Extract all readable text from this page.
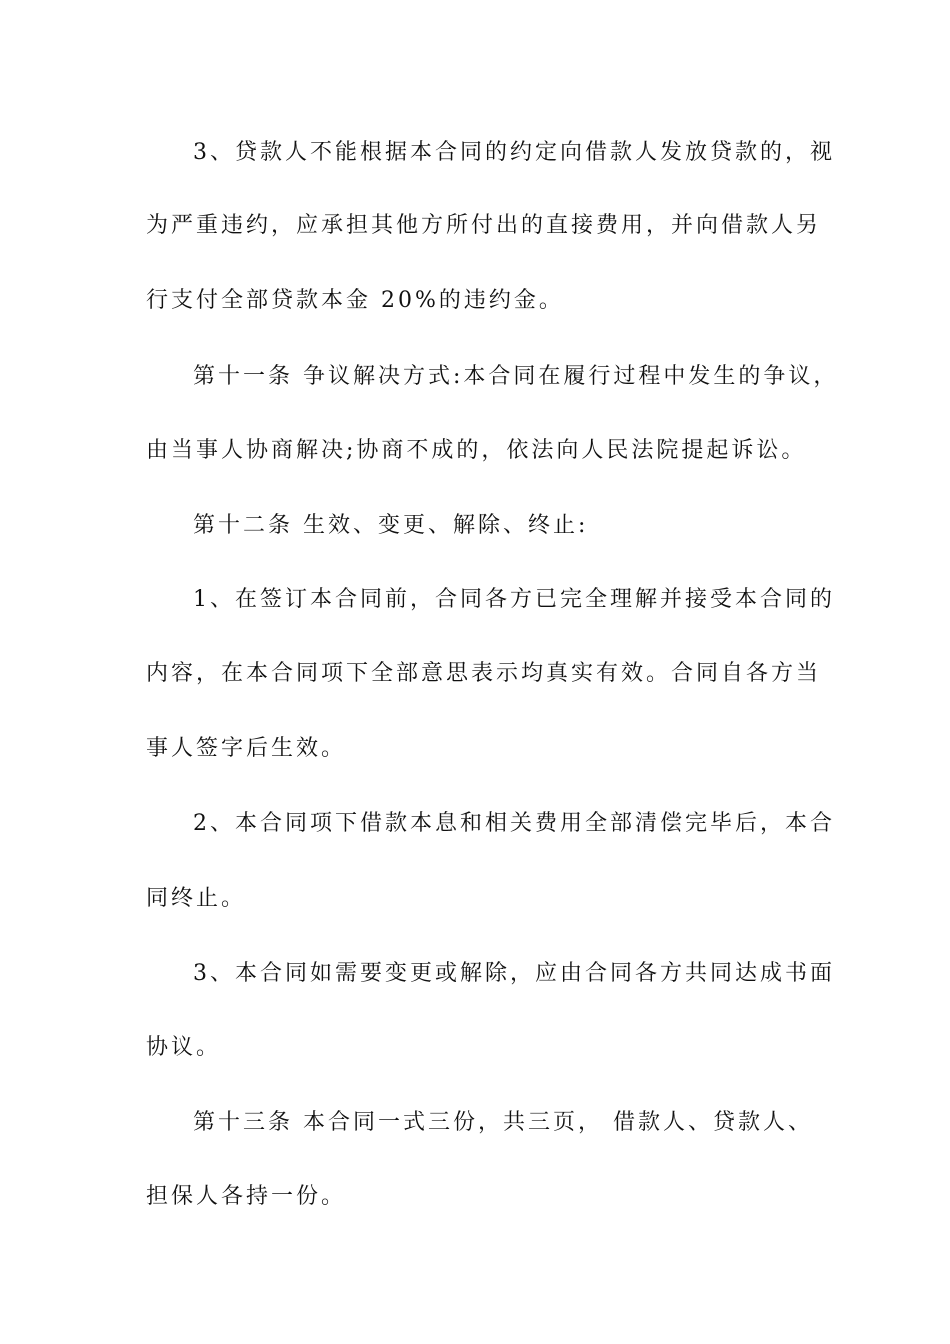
3、贷款人不能根据本合同的约定向借款人发放贷款的，视

为严重违约，应承担其他方所付出的直接费用，并向借款人另

行支付全部贷款本金 20%的违约金。

第十一条 争议解决方式:本合同在履行过程中发生的争议，

由当事人协商解决;协商不成的，依法向人民法院提起诉讼。

第十二条 生效、变更、解除、终止:

1、在签订本合同前，合同各方已完全理解并接受本合同的

内容，在本合同项下全部意思表示均真实有效。合同自各方当

事人签字后生效。

2、本合同项下借款本息和相关费用全部清偿完毕后，本合

同终止。

3、本合同如需要变更或解除，应由合同各方共同达成书面

协议。

第十三条 本合同一式三份，共三页， 借款人、贷款人、

担保人各持一份。
